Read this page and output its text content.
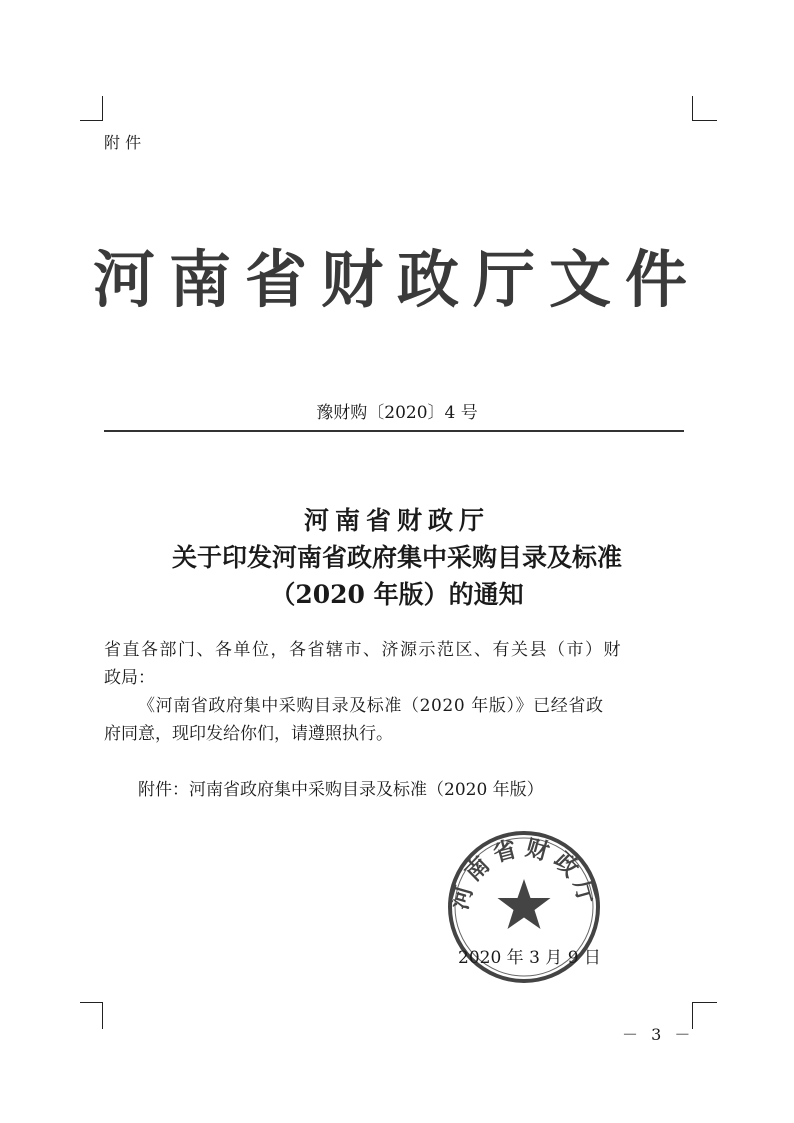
附 件
河南省财政厅文件
豫财购〔2020〕4 号
河南省财政厅
关于印发河南省政府集中采购目录及标准
（2020 年版）的通知
省直各部门、各单位，各省辖市、济源示范区、有关县（市）财
政局：
《河南省政府集中采购目录及标准（2020 年版）》已经省政
府同意，现印发给你们，请遵照执行。
附件：河南省政府集中采购目录及标准（2020 年版）
河南省财政厅
2020 年 3 月 9 日
－ 3 －
